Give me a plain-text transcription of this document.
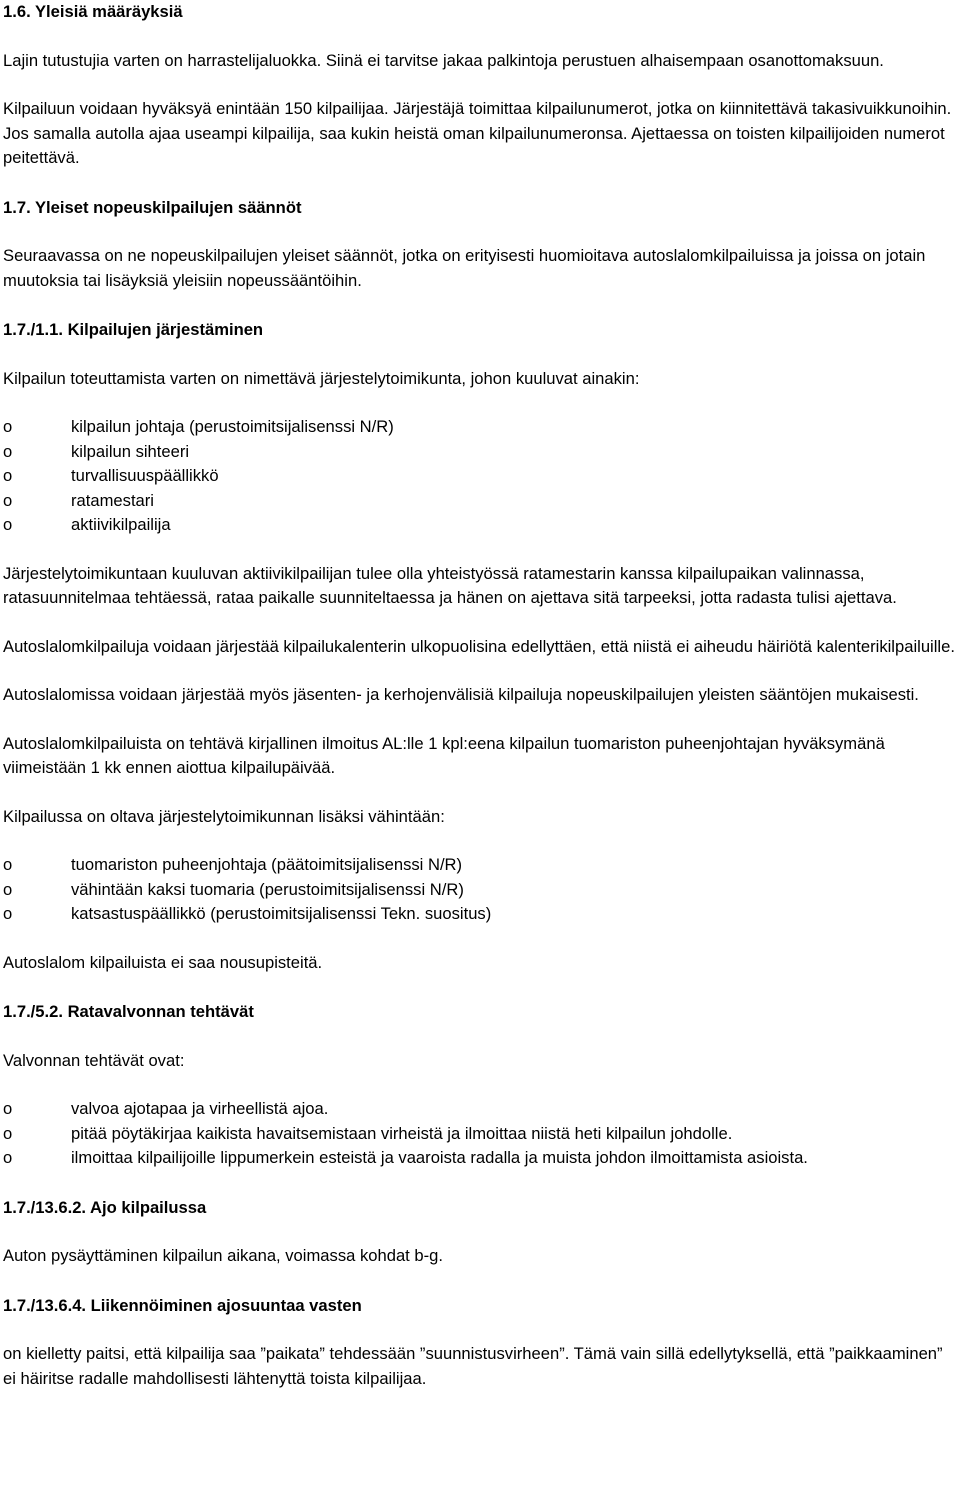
1.6. Yleisiä määräyksiä

Lajin tutustujia varten on harrastelijaluokka. Siinä ei tarvitse jakaa palkintoja perustuen alhaisempaan osanottomaksuun.

Kilpailuun voidaan hyväksyä enintään 150 kilpailijaa. Järjestäjä toimittaa kilpailunumerot, jotka on kiinnitettävä takasivuikkunoihin. Jos samalla autolla ajaa useampi kilpailija, saa kukin heistä oman kilpailunumeronsa. Ajettaessa on toisten kilpailijoiden numerot peitettävä.

1.7. Yleiset nopeuskilpailujen säännöt

Seuraavassa on ne nopeuskilpailujen yleiset säännöt, jotka on erityisesti huomioitava autoslalomkilpailuissa ja joissa on jotain muutoksia tai lisäyksiä yleisiin nopeussääntöihin.

1.7./1.1. Kilpailujen järjestäminen

Kilpailun toteuttamista varten on nimettävä järjestelytoimikunta, johon kuuluvat ainakin:

o	kilpailun johtaja (perustoimitsijalisenssi N/R)
o	kilpailun sihteeri
o	turvallisuuspäällikkö
o	ratamestari
o	aktiivikilpailija

Järjestelytoimikuntaan kuuluvan aktiivikilpailijan tulee olla yhteistyössä ratamestarin kanssa kilpailupaikan valinnassa, ratasuunnitelmaa tehtäessä, rataa paikalle suunniteltaessa ja hänen on ajettava sitä tarpeeksi, jotta radasta tulisi ajettava.

Autoslalomkilpailuja voidaan järjestää kilpailukalenterin ulkopuolisina edellyttäen, että niistä ei aiheudu häiriötä kalenterikilpailuille.

Autoslalomissa voidaan järjestää myös jäsenten- ja kerhojenvälisiä kilpailuja nopeuskilpailujen yleisten sääntöjen mukaisesti.

Autoslalomkilpailuista on tehtävä kirjallinen ilmoitus AL:lle 1 kpl:eena kilpailun tuomariston puheenjohtajan hyväksymänä viimeistään 1 kk ennen aiottua kilpailupäivää.

Kilpailussa on oltava järjestelytoimikunnan lisäksi vähintään:

o	tuomariston puheenjohtaja (päätoimitsijalisenssi N/R)
o	vähintään kaksi tuomaria (perustoimitsijalisenssi N/R)
o	katsastuspäällikkö (perustoimitsijalisenssi Tekn. suositus)

Autoslalom kilpailuista ei saa nousupisteitä.

1.7./5.2. Ratavalvonnan tehtävät

Valvonnan tehtävät ovat:

o	valvoa ajotapaa ja virheellistä ajoa.
o	pitää pöytäkirjaa kaikista havaitsemistaan virheistä ja ilmoittaa niistä heti kilpailun johdolle.
o	ilmoittaa kilpailijoille lippumerkein esteistä ja vaaroista radalla ja muista johdon ilmoittamista asioista.
1.7./13.6.2. Ajo kilpailussa

Auton pysäyttäminen kilpailun aikana, voimassa kohdat b-g.

1.7./13.6.4. Liikennöiminen ajosuuntaa vasten

on kielletty paitsi, että kilpailija saa ”paikata” tehdessään ”suunnistusvirheen”. Tämä vain sillä edellytyksellä, että ”paikkaaminen” ei häiritse radalle mahdollisesti lähtenyttä toista kilpailijaa.
